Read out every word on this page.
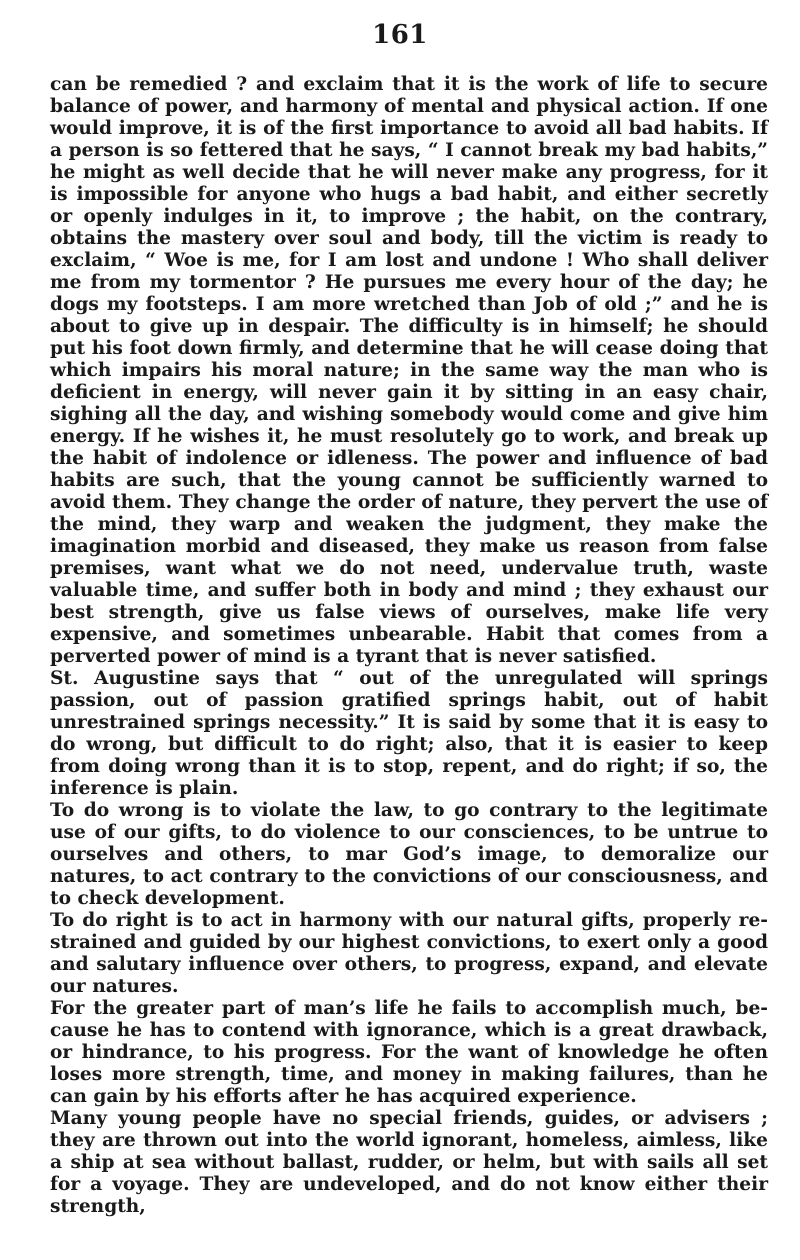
161

can be remedied ? and exclaim that it is the work of life to secure balance of power, and harmony of mental and physical action. If one would improve, it is of the first importance to avoid all bad habits. If a person is so fettered that he says, “ I cannot break my bad habits,” he might as well decide that he will never make any progress, for it is impossible for anyone who hugs a bad habit, and either secretly or openly indulges in it, to improve ; the habit, on the contrary, obtains the mastery over soul and body, till the victim is ready to exclaim, “ Woe is me, for I am lost and undone ! Who shall deliver me from my tormentor ? He pursues me every hour of the day; he dogs my footsteps. I am more wretched than Job of old ;” and he is about to give up in despair. The difficulty is in himself; he should put his foot down firmly, and determine that he will cease doing that which impairs his moral nature; in the same way the man who is deficient in energy, will never gain it by sitting in an easy chair, sighing all the day, and wishing somebody would come and give him energy. If he wishes it, he must resolutely go to work, and break up the habit of indolence or idleness. The power and influence of bad habits are such, that the young cannot be sufficiently warned to avoid them. They change the order of nature, they pervert the use of the mind, they warp and weaken the judgment, they make the imagination morbid and diseased, they make us reason from false premises, want what we do not need, undervalue truth, waste valuable time, and suffer both in body and mind ; they exhaust our best strength, give us false views of ourselves, make life very expensive, and sometimes unbearable. Habit that comes from a perverted power of mind is a tyrant that is never satisfied.

St. Augustine says that “ out of the unregulated will springs passion, out of passion gratified springs habit, out of habit unrestrained springs necessity.” It is said by some that it is easy to do wrong, but difficult to do right; also, that it is easier to keep from doing wrong than it is to stop, repent, and do right; if so, the inference is plain.

To do wrong is to violate the law, to go contrary to the legitimate use of our gifts, to do violence to our consciences, to be untrue to ourselves and others, to mar God’s image, to demoralize our natures, to act contrary to the convictions of our consciousness, and to check development.

To do right is to act in harmony with our natural gifts, properly restrained and guided by our highest convictions, to exert only a good and salutary influence over others, to progress, expand, and elevate our natures.

For the greater part of man’s life he fails to accomplish much, because he has to contend with ignorance, which is a great drawback, or hindrance, to his progress. For the want of knowledge he often loses more strength, time, and money in making failures, than he can gain by his efforts after he has acquired experience.

Many young people have no special friends, guides, or advisers ; they are thrown out into the world ignorant, homeless, aimless, like a ship at sea without ballast, rudder, or helm, but with sails all set for a voyage. They are undeveloped, and do not know either their strength,
